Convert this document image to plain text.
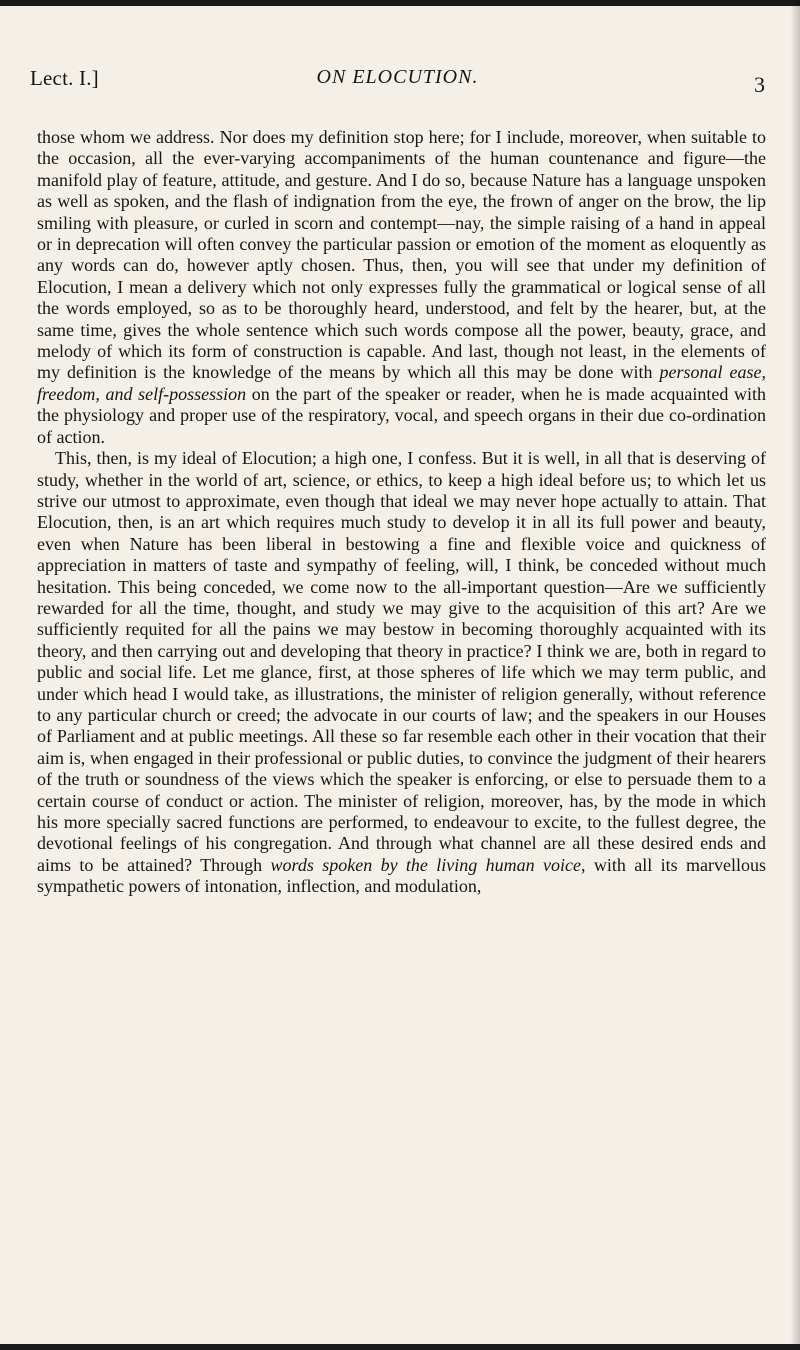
Lect. I.]	ON ELOCUTION.	3

those whom we address. Nor does my definition stop here; for I include, moreover, when suitable to the occasion, all the ever-varying accompaniments of the human countenance and figure—the manifold play of feature, attitude, and gesture. And I do so, because Nature has a language unspoken as well as spoken, and the flash of indignation from the eye, the frown of anger on the brow, the lip smiling with pleasure, or curled in scorn and contempt—nay, the simple raising of a hand in appeal or in deprecation will often convey the particular passion or emotion of the moment as eloquently as any words can do, however aptly chosen. Thus, then, you will see that under my definition of Elocution, I mean a delivery which not only expresses fully the grammatical or logical sense of all the words employed, so as to be thoroughly heard, understood, and felt by the hearer, but, at the same time, gives the whole sentence which such words compose all the power, beauty, grace, and melody of which its form of construction is capable. And last, though not least, in the elements of my definition is the knowledge of the means by which all this may be done with personal ease, freedom, and self-possession on the part of the speaker or reader, when he is made acquainted with the physiology and proper use of the respiratory, vocal, and speech organs in their due co-ordination of action.

This, then, is my ideal of Elocution; a high one, I confess. But it is well, in all that is deserving of study, whether in the world of art, science, or ethics, to keep a high ideal before us; to which let us strive our utmost to approximate, even though that ideal we may never hope actually to attain. That Elocution, then, is an art which requires much study to develop it in all its full power and beauty, even when Nature has been liberal in bestowing a fine and flexible voice and quickness of appreciation in matters of taste and sympathy of feeling, will, I think, be conceded without much hesitation. This being conceded, we come now to the all-important question—Are we sufficiently rewarded for all the time, thought, and study we may give to the acquisition of this art? Are we sufficiently requited for all the pains we may bestow in becoming thoroughly acquainted with its theory, and then carrying out and developing that theory in practice? I think we are, both in regard to public and social life. Let me glance, first, at those spheres of life which we may term public, and under which head I would take, as illustrations, the minister of religion generally, without reference to any particular church or creed; the advocate in our courts of law; and the speakers in our Houses of Parliament and at public meetings. All these so far resemble each other in their vocation that their aim is, when engaged in their professional or public duties, to convince the judgment of their hearers of the truth or soundness of the views which the speaker is enforcing, or else to persuade them to a certain course of conduct or action. The minister of religion, moreover, has, by the mode in which his more specially sacred functions are performed, to endeavour to excite, to the fullest degree, the devotional feelings of his congregation. And through what channel are all these desired ends and aims to be attained? Through words spoken by the living human voice, with all its marvellous sympathetic powers of intonation, inflection, and modulation,
